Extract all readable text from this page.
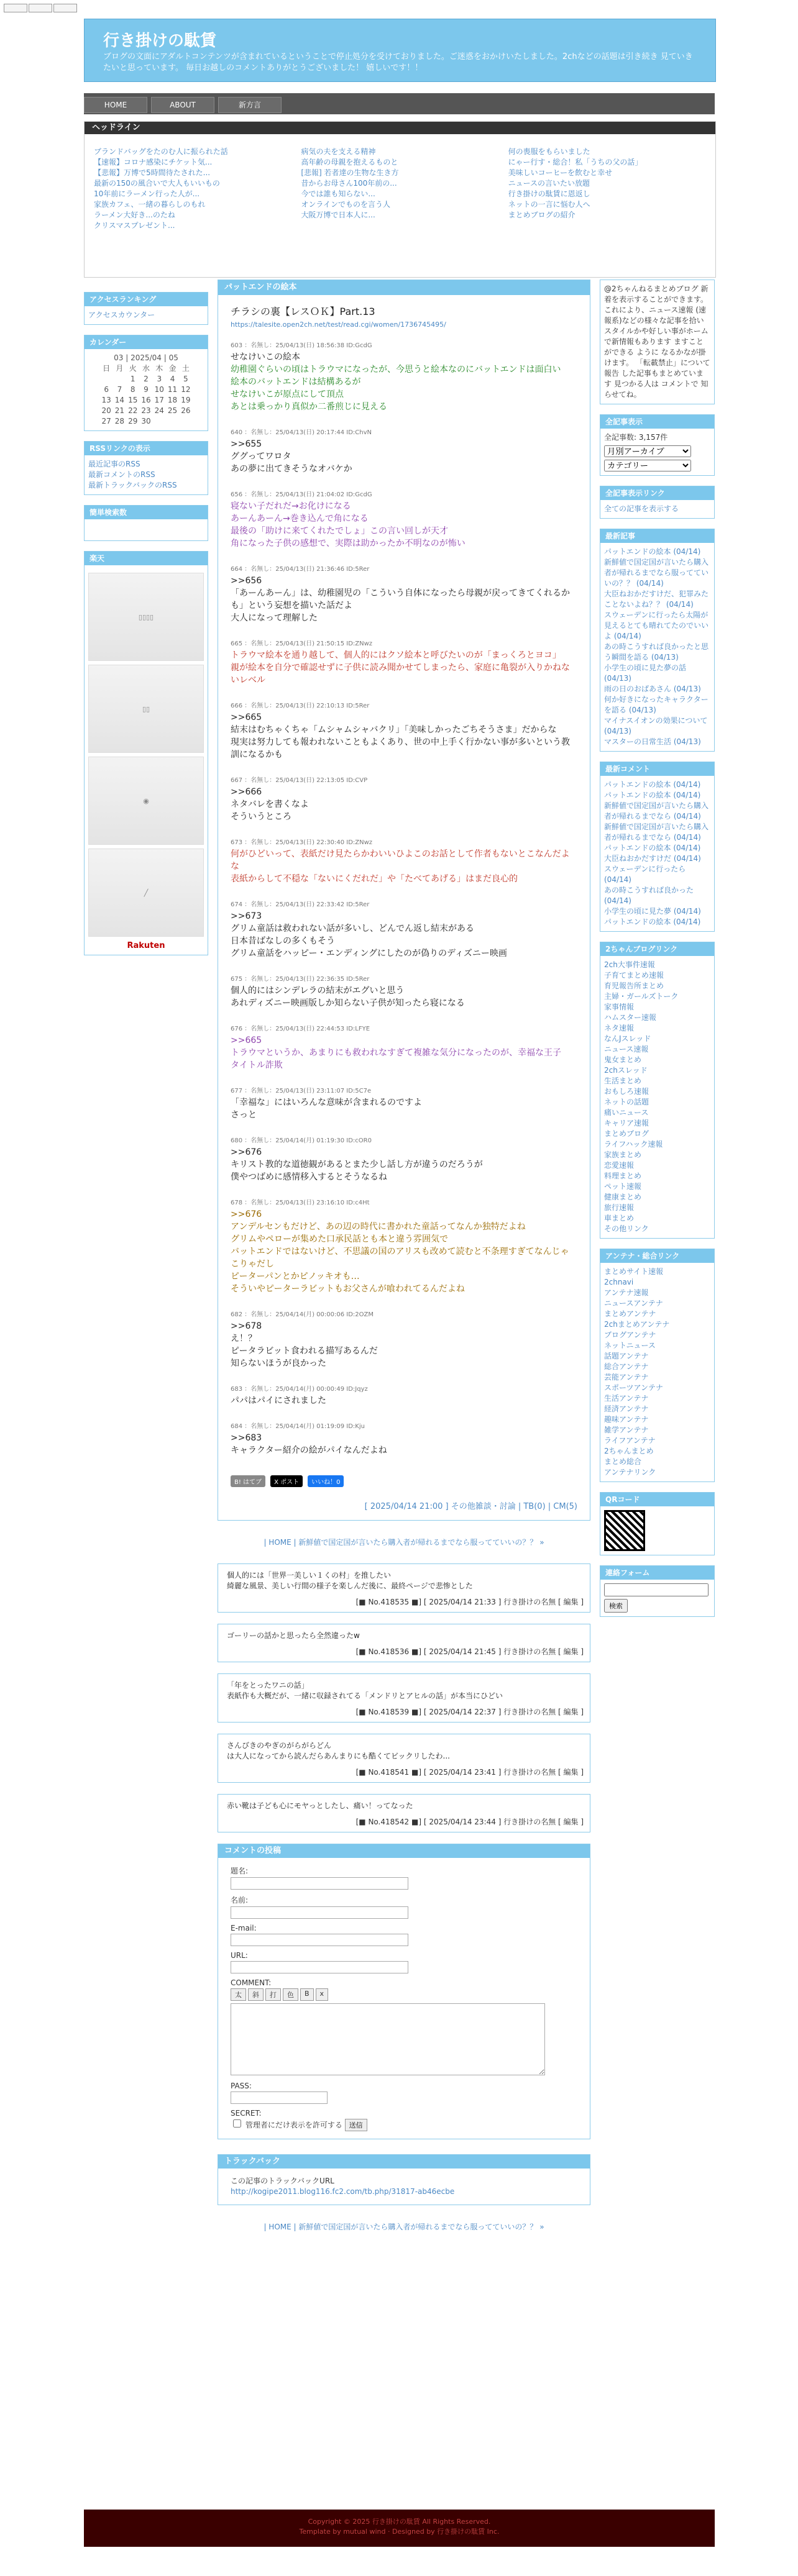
行き掛けの駄賃
ブログの文面にアダルトコンテンツが含まれているということで停止処分を受けておりました。ご迷惑をおかけいたしました。2chなどの話題は引き続き 見ていきたいと思っています。 毎日お越しのコメントありがとうございました！ 嬉しいです！！
HOME	ABOUT	新方言
ヘッドライン
ブランドバッグをたのむ人に振られた話
【速報】コロナ感染にチケット気...
【悲報】万博で5時間待たされた...
最新の150の風合いで大人もいいもの
10年前にラーメン行った人が...
家族カフェ、一緒の暮らしのもれ
ラーメン大好き...のたね
クリスマスプレゼント...
病気の夫を支える精神
高年齢の母親を抱えるものと
[悲報] 若者達の生物な生き方
昔からお母さん100年前の...
今では誰も知らない...
オンラインでものを言う人
大阪万博で日本人に...
何の喪服をもらいました
にゃー行す・総合！私「うちの父の話」
美味しいコーヒーを飲むと幸せ
ニュースの言いたい放題
行き掛けの駄賃に恩返し
ネットの一言に悩む人へ
まとめブログの紹介
アクセスランキング
アクセスカウンター
カレンダー
03 | 2025/04 | 05
日	月	火	水	木	金	土
		1	2	3	4	5
6	7	8	9	10	11	12
13	14	15	16	17	18	19
20	21	22	23	24	25	26
27	28	29	30			
RSSリンクの表示
最近記事のRSS
最新コメントのRSS
最新トラックバックのRSS
簡単検索数
楽天
▯▯▯▯
▯▯
◉
╱
Rakuten
パットエンドの絵本
チラシの裏【レスＯＫ】Part.13
https://talesite.open2ch.net/test/read.cgi/women/1736745495/
603 ：名無し：25/04/13(日) 18:56:38 ID:GcdG
せなけいこの絵本
幼稚園ぐらいの頃はトラウマになったが、今思うと絵本なのにバットエンドは面白い
絵本のバットエンドは結構あるが
せなけいこが原点にして頂点
あとは乗っかり真似か二番煎じに見える
640 ：名無し：25/04/13(日) 20:17:44 ID:ChvN
>>655
ググってワロタ
あの夢に出てきそうなオバケか
656 ：名無し：25/04/13(日) 21:04:02 ID:GcdG
寝ない子だれだ→お化けになる
あーんあーん→巻き込んで角になる
最後の「助けに来てくれたでしょ」この言い回しが天才
角になった子供の感想で、実際は助かったか不明なのが怖い
664 ：名無し：25/04/13(日) 21:36:46 ID:5Rer
>>656
「あーんあーん」は、幼稚園児の「こういう自体になったら母親が戻ってきてくれるかも」という妄想を描いた話だよ
大人になって理解した
665 ：名無し：25/04/13(日) 21:50:15 ID:ZNwz
トラウマ絵本を通り越して、個人的にはクソ絵本と呼びたいのが「まっくろとヨコ」
親が絵本を自分で確認せずに子供に読み聞かせてしまったら、家庭に亀裂が入りかねないレベル
666 ：名無し：25/04/13(日) 22:10:13 ID:5Rer
>>665
結末はむちゃくちゃ「ムシャムシャバクリ」「美味しかったごちそうさま」だからな
現実は努力しても報われないこともよくあり、世の中上手く行かない事が多いという教訓になるかも
667 ：名無し：25/04/13(日) 22:13:05 ID:CVP
>>666
ネタバレを書くなよ
そういうところ
673 ：名無し：25/04/13(日) 22:30:40 ID:ZNwz
何がひどいって、表紙だけ見たらかわいいひよこのお話として作者もないとこなんだよな
表紙からして不穏な「ないにくだれだ」や「たべてあげる」はまだ良心的
674 ：名無し：25/04/13(日) 22:33:42 ID:5Rer
>>673
グリム童話は救われない話が多いし、どんでん返し結末がある
日本昔ばなしの多くもそう
グリム童話をハッピー・エンディングにしたのが偽りのディズニー映画
675 ：名無し：25/04/13(日) 22:36:35 ID:5Rer
個人的にはシンデレラの結末がエグいと思う
あれディズニー映画版しか知らない子供が知ったら寝になる
676 ：名無し：25/04/13(日) 22:44:53 ID:LFYE
>>665
トラウマというか、あまりにも救われなすぎて複雑な気分になったのが、幸福な王子
タイトル詐欺
677 ：名無し：25/04/13(日) 23:11:07 ID:5C7e
「幸福な」にはいろんな意味が含まれるのですよ
さっと
680 ：名無し：25/04/14(月) 01:19:30 ID:cOR0
>>676
キリスト教的な道徳観があるとまた少し話し方が違うのだろうが
僕やつばめに感情移入するとそうなるね
678 ：名無し：25/04/13(日) 23:16:10 ID:c4Ht
>>676
アンデルセンもだけど、あの辺の時代に書かれた童話ってなんか独特だよね
グリムやペローが集めた口承民話とも本と違う雰囲気で
バットエンドではないけど、不思議の国のアリスも改めて読むと不条理すぎてなんじゃこりゃだし
ピーターパンとかピノッキオも…
そういやピーターラビットもお父さんが喰われてるんだよね
682 ：名無し：25/04/14(月) 00:00:06 ID:2OZM
>>678
え！？
ピータラビット食われる描写あるんだ
知らないほうが良かった
683 ：名無し：25/04/14(月) 00:00:49 ID:Jqyz
パパはパイにされました
684 ：名無し：25/04/14(月) 01:19:09 ID:Kju
>>683
キャラクター紹介の絵がパイなんだよね
B! はてブ	X ポスト	いいね！0
[ 2025/04/14 21:00 ] その他雑談・討論 | TB(0) | CM(5)
| HOME | 新鮮値で国定国が言いたら購入者が帰れるまでなら服ってていいの？？ »
個人的には「世界一美しい１くの村」を推したい
綺麗な風景、美しい行間の様子を楽しんだ後に、最終ページで悲惨とした
[■ No.418535 ■] [ 2025/04/14 21:33 ] 行き掛けの名無 [ 編集 ]
ゴーリーの話かと思ったら全然違ったw
[■ No.418536 ■] [ 2025/04/14 21:45 ] 行き掛けの名無 [ 編集 ]
「年をとったワニの話」
表紙作も大概だが、一緒に収録されてる「メンドリとアヒルの話」が本当にひどい
[■ No.418539 ■] [ 2025/04/14 22:37 ] 行き掛けの名無 [ 編集 ]
さんびきのやぎのがらがらどん
は大人になってから読んだらあんまりにも酷くてビックリしたわ...
[■ No.418541 ■] [ 2025/04/14 23:41 ] 行き掛けの名無 [ 編集 ]
赤い靴は子ども心にモヤっとしたし、痛い！ってなった
[■ No.418542 ■] [ 2025/04/14 23:44 ] 行き掛けの名無 [ 編集 ]
コメントの投稿
題名:
名前:
E-mail:
URL:
COMMENT:
太	斜	打	色	B	x
PASS:
SECRET:
管理者にだけ表示を許可する 送信
トラックバック
この記事のトラックバックURL
http://kogipe2011.blog116.fc2.com/tb.php/31817-ab46ecbe
| HOME | 新鮮値で国定国が言いたら購入者が帰れるまでなら服ってていいの？？ »
@2ちゃんねるまとめブログ 新着を表示することができます。 これにより、ニュース速報 (速報系)などの様々な記事を拾いスタイルかや好しい事がホームで新情報もあります ますことができる ように なるかなが掛けます。 「転載禁止」について報告 した記事もまとめています 見つかる人は コメントで 知らせてね。
全記事表示
全記事数: 3,157件
月別アーカイブ
カテゴリー
全記事表示リンク
全ての記事を表示する
最新記事
パットエンドの絵本 (04/14)
新鮮値で国定国が言いたら購入者が帰れるまでなら服ってていいの？？ (04/14)
大臣ねおかだすけだ、犯罪みたことないよね？？ (04/14)
スウェーデンに行ったら太陽が見えるとても晴れてたのでいいよ (04/14)
あの時こうすれば良かったと思う瞬間を語る (04/13)
小学生の頃に見た夢の話 (04/13)
雨の日のおばあさん (04/13)
何か好きになったキャラクターを語る (04/13)
マイナスイオンの効果について (04/13)
マスターの日常生活 (04/13)
最新コメント
パットエンドの絵本 (04/14)
パットエンドの絵本 (04/14)
新鮮値で国定国が言いたら購入者が帰れるまでなら (04/14)
新鮮値で国定国が言いたら購入者が帰れるまでなら (04/14)
パットエンドの絵本 (04/14)
大臣ねおかだすけだ (04/14)
スウェーデンに行ったら (04/14)
あの時こうすれば良かった (04/14)
小学生の頃に見た夢 (04/14)
パットエンドの絵本 (04/14)
2ちゃんブログリンク
2ch大事件速報
子育てまとめ速報
育児報告所まとめ
主婦・ガールズトーク
家事情報
ハムスター速報
ネタ速報
なんJスレッド
ニュース速報
鬼女まとめ
2chスレッド
生活まとめ
おもしろ速報
ネットの話題
痛いニュース
キャリア速報
まとめブログ
ライフハック速報
家族まとめ
恋愛速報
料理まとめ
ペット速報
健康まとめ
旅行速報
車まとめ
その他リンク
アンテナ・総合リンク
まとめサイト速報
2chnavi
アンテナ速報
ニュースアンテナ
まとめアンテナ
2chまとめアンテナ
ブログアンテナ
ネットニュース
話題アンテナ
総合アンテナ
芸能アンテナ
スポーツアンテナ
生活アンテナ
経済アンテナ
趣味アンテナ
雑学アンテナ
ライフアンテナ
2ちゃんまとめ
まとめ総合
アンテナリンク
QRコード
連絡フォーム
検索
Copyright © 2025 行き掛けの駄賃 All Rights Reserved.
Template by mutual wind · Designed by 行き掛けの駄賃 Inc.
